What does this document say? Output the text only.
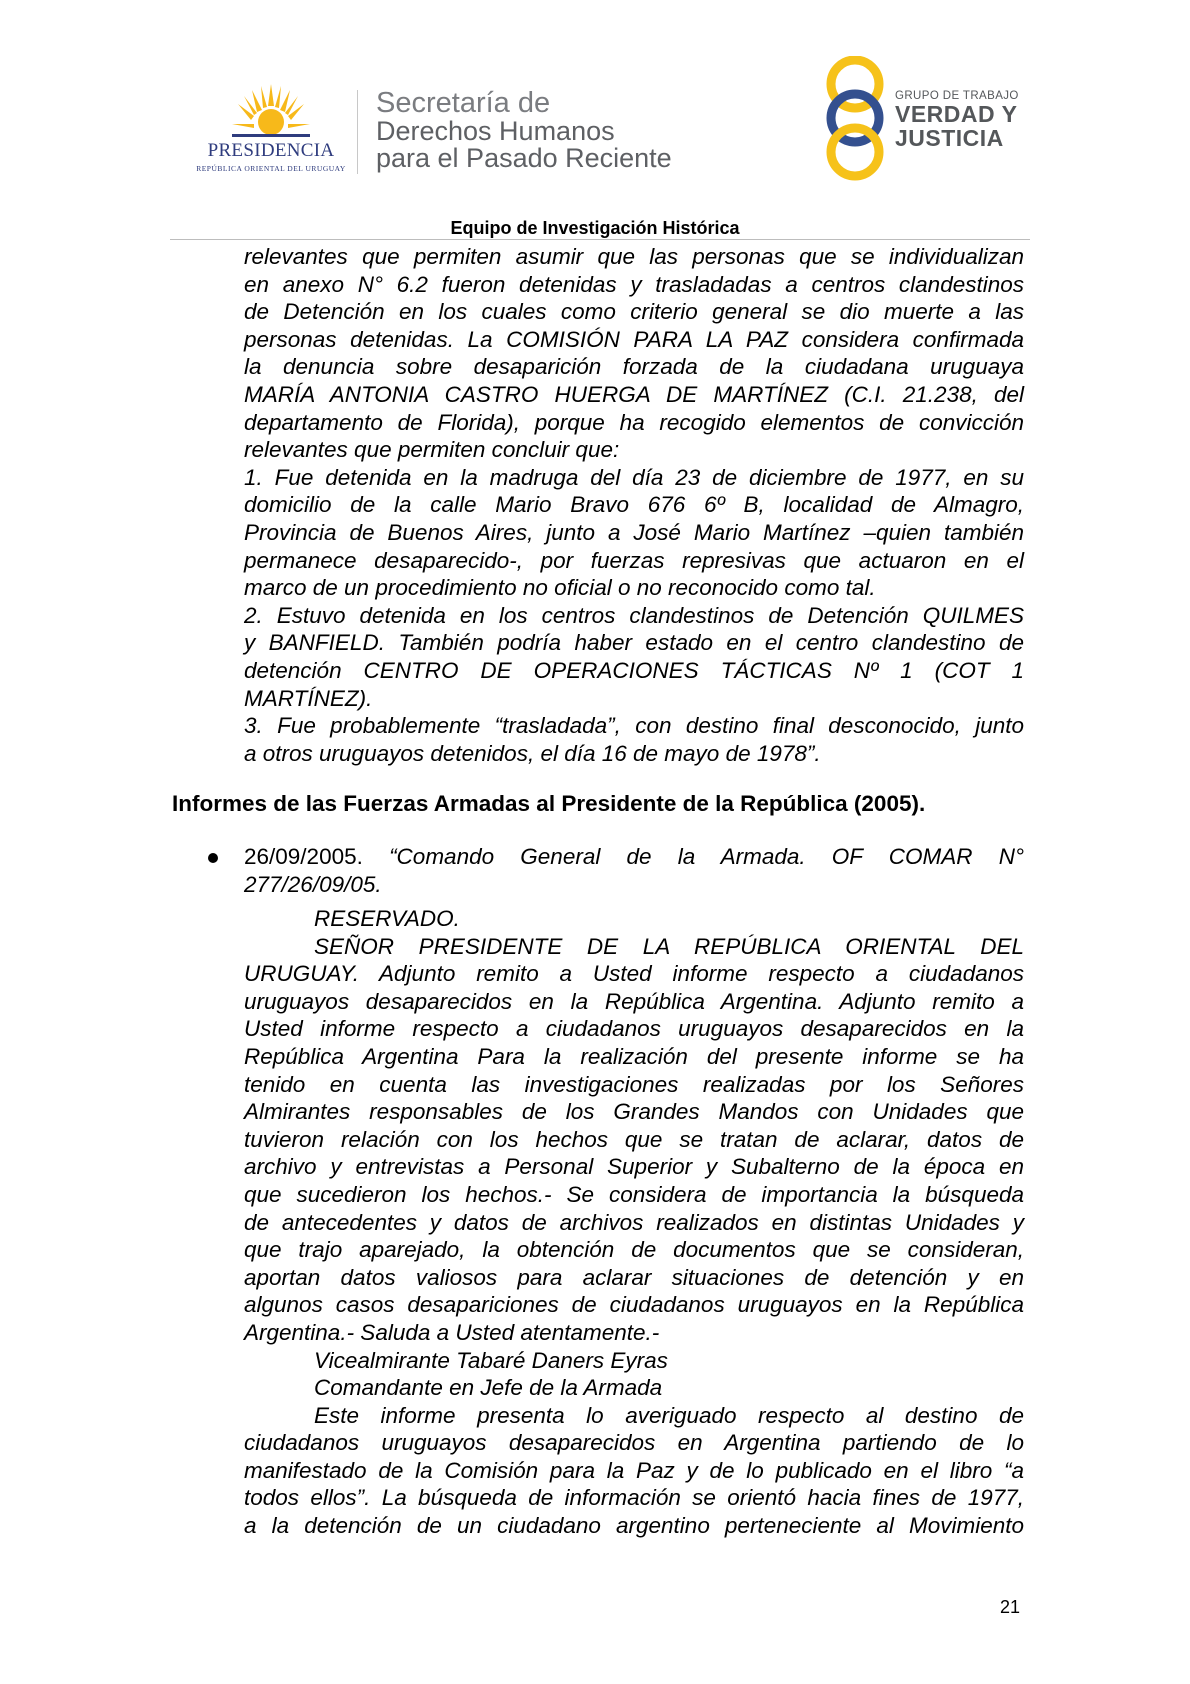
PRESIDENCIA
REPÚBLICA ORIENTAL DEL URUGUAY
Secretaría de
Derechos Humanos
para el Pasado Reciente
GRUPO DE TRABAJO
VERDAD Y
JUSTICIA
Equipo de Investigación Histórica
relevantes que permiten asumir que las personas que se individualizan
en anexo N° 6.2 fueron detenidas y trasladadas a centros clandestinos
de Detención en los cuales como criterio general se dio muerte a las
personas detenidas. La COMISIÓN PARA LA PAZ considera confirmada
la denuncia sobre desaparición forzada de la ciudadana uruguaya
MARÍA ANTONIA CASTRO HUERGA DE MARTÍNEZ (C.I. 21.238, del
departamento de Florida), porque ha recogido elementos de convicción
relevantes que permiten concluir que:
1. Fue detenida en la madruga del día 23 de diciembre de 1977, en su
domicilio de la calle Mario Bravo 676 6º B, localidad de Almagro,
Provincia de Buenos Aires, junto a José Mario Martínez –quien también
permanece desaparecido-, por fuerzas represivas que actuaron en el
marco de un procedimiento no oficial o no reconocido como tal.
2. Estuvo detenida en los centros clandestinos de Detención QUILMES
y BANFIELD. También podría haber estado en el centro clandestino de
detención CENTRO DE OPERACIONES TÁCTICAS Nº 1 (COT 1
MARTÍNEZ).
3. Fue probablemente “trasladada”, con destino final desconocido, junto
a otros uruguayos detenidos, el día 16 de mayo de 1978”.
Informes de las Fuerzas Armadas al Presidente de la República (2005).
26/09/2005. “Comando General de la Armada. OF COMAR N°
277/26/09/05.
RESERVADO.
SEÑOR PRESIDENTE DE LA REPÚBLICA ORIENTAL DEL
URUGUAY. Adjunto remito a Usted informe respecto a ciudadanos
uruguayos desaparecidos en la República Argentina. Adjunto remito a
Usted informe respecto a ciudadanos uruguayos desaparecidos en la
República Argentina Para la realización del presente informe se ha
tenido en cuenta las investigaciones realizadas por los Señores
Almirantes responsables de los Grandes Mandos con Unidades que
tuvieron relación con los hechos que se tratan de aclarar, datos de
archivo y entrevistas a Personal Superior y Subalterno de la época en
que sucedieron los hechos.- Se considera de importancia la búsqueda
de antecedentes y datos de archivos realizados en distintas Unidades y
que trajo aparejado, la obtención de documentos que se consideran,
aportan datos valiosos para aclarar situaciones de detención y en
algunos casos desapariciones de ciudadanos uruguayos en la República
Argentina.- Saluda a Usted atentamente.-
Vicealmirante Tabaré Daners Eyras
Comandante en Jefe de la Armada
Este informe presenta lo averiguado respecto al destino de
ciudadanos uruguayos desaparecidos en Argentina partiendo de lo
manifestado de la Comisión para la Paz y de lo publicado en el libro “a
todos ellos”. La búsqueda de información se orientó hacia fines de 1977,
a la detención de un ciudadano argentino perteneciente al Movimiento
21
